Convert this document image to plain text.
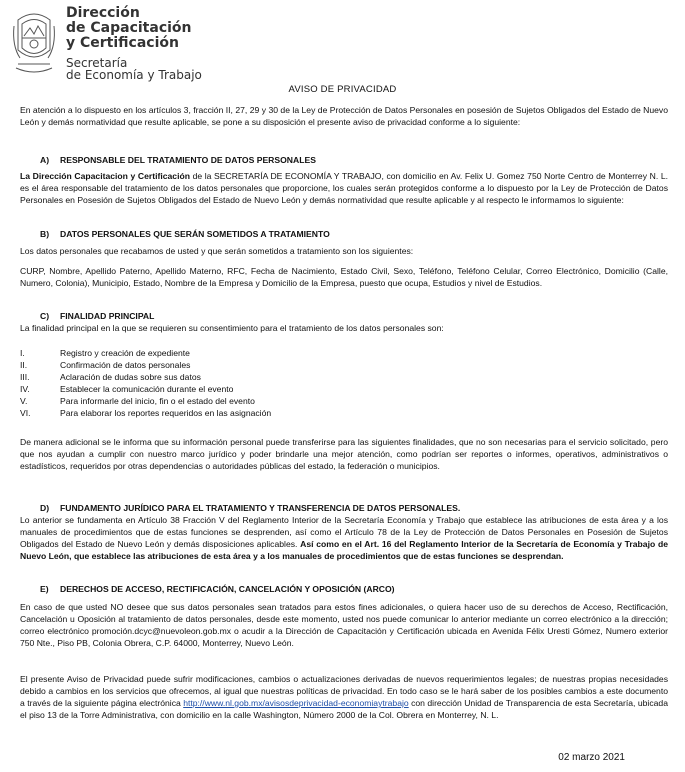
Dirección
de Capacitación
y Certificación
Secretaría
de Economía y Trabajo
AVISO DE PRIVACIDAD
En atención a lo dispuesto en los artículos 3, fracción II, 27, 29 y 30 de la Ley de Protección de Datos Personales en posesión de Sujetos Obligados del Estado de Nuevo León y demás normatividad que resulte aplicable, se pone a su disposición el presente aviso de privacidad conforme a lo siguiente:
A) RESPONSABLE DEL TRATAMIENTO DE DATOS PERSONALES
La Dirección Capacitacion y Certificación de la SECRETARÍA DE ECONOMÍA Y TRABAJO, con domicilio en Av. Felix U. Gomez 750 Norte Centro de Monterrey N. L. es el área responsable del tratamiento de los datos personales que proporcione, los cuales serán protegidos conforme a lo dispuesto por la Ley de Protección de Datos Personales en Posesión de Sujetos Obligados del Estado de Nuevo León y demás normatividad que resulte aplicable y al respecto le informamos lo siguiente:
B) DATOS PERSONALES QUE SERÁN SOMETIDOS A TRATAMIENTO
Los datos personales que recabamos de usted y que serán sometidos a tratamiento son los siguientes:
CURP, Nombre, Apellido Paterno, Apellido Materno, RFC, Fecha de Nacimiento, Estado Civil, Sexo, Teléfono, Teléfono Celular, Correo Electrónico, Domicilio (Calle, Numero, Colonia), Municipio, Estado, Nombre de la Empresa y Domicilio de la Empresa, puesto que ocupa, Estudios y nivel de Estudios.
C) FINALIDAD PRINCIPAL
La finalidad principal en la que se requieren su consentimiento para el tratamiento de los datos personales son:
I.	Registro y creación de expediente
II.	Confirmación de datos personales
III.	Aclaración de dudas sobre sus datos
IV.	Establecer la comunicación durante el evento
V.	Para informarle del inicio, fin o el estado del evento
VI.	Para elaborar los reportes requeridos en las asignación
De manera adicional se le informa que su información personal puede transferirse para las siguientes finalidades, que no son necesarias para el servicio solicitado, pero que nos ayudan a cumplir con nuestro marco jurídico y poder brindarle una mejor atención, como podrían ser reportes o informes, operativos, administrativos o estadísticos, requeridos por otras dependencias o autoridades públicas del estado, la federación o municipios.
D) FUNDAMENTO JURÍDICO PARA EL TRATAMIENTO Y TRANSFERENCIA DE DATOS PERSONALES.
Lo anterior se fundamenta en Artículo 38 Fracción V del Reglamento Interior de la Secretaría Economía y Trabajo que establece las atribuciones de esta área y a los manuales de procedimientos que de estas funciones se desprenden, así como el Artículo 78 de la Ley de Protección de Datos Personales en Posesión de Sujetos Obligados del Estado de Nuevo León y demás disposiciones aplicables. Así como en el Art. 16 del Reglamento Interior de la Secretaría de Economía y Trabajo de Nuevo León, que establece las atribuciones de esta área y a los manuales de procedimientos que de estas funciones se desprendan.
E) DERECHOS DE ACCESO, RECTIFICACIÓN, CANCELACIÓN Y OPOSICIÓN (ARCO)
En caso de que usted NO desee que sus datos personales sean tratados para estos fines adicionales, o quiera hacer uso de su derechos de Acceso, Rectificación, Cancelación u Oposición al tratamiento de datos personales, desde este momento, usted nos puede comunicar lo anterior mediante un correo electrónico a la dirección; correo electrónico promoción.dcyc@nuevoleon.gob.mx o acudir a la Dirección de Capacitación y Certificación ubicada en Avenida Félix Uresti Gómez, Numero exterior 750 Nte., Piso PB, Colonia Obrera, C.P. 64000, Monterrey, Nuevo León.
El presente Aviso de Privacidad puede sufrir modificaciones, cambios o actualizaciones derivadas de nuevos requerimientos legales; de nuestras propias necesidades debido a cambios en los servicios que ofrecemos, al igual que nuestras políticas de privacidad. En todo caso se le hará saber de los posibles cambios a este documento a través de la siguiente página electrónica http://www.nl.gob.mx/avisosdeprivacidad-economiaytrabajo con dirección Unidad de Transparencia de esta Secretaría, ubicada el piso 13 de la Torre Administrativa, con domicilio en la calle Washington, Número 2000 de la Col. Obrera en Monterrey, N. L.
02 marzo 2021
